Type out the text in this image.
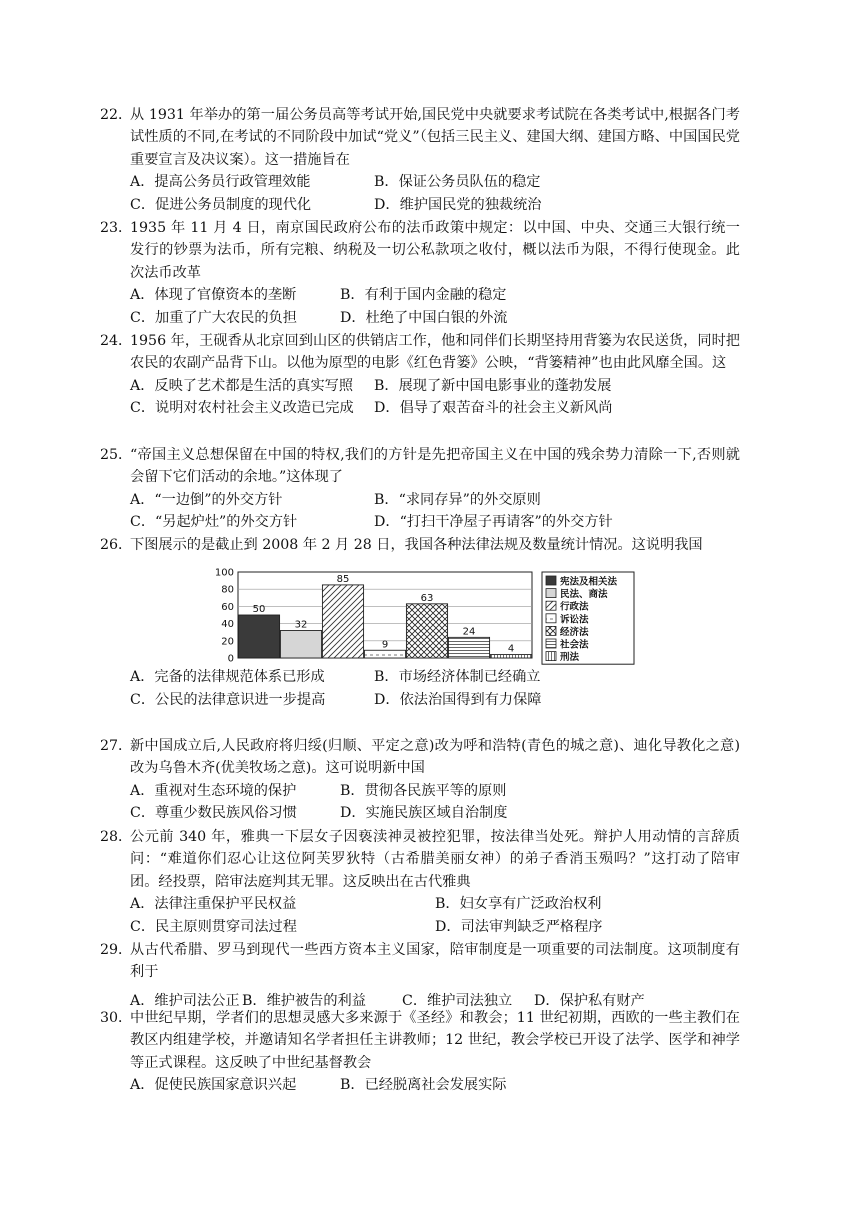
22．
从 1931 年举办的第一届公务员高等考试开始,国民党中央就要求考试院在各类考试中,根据各门考试性质的不同,在考试的不同阶段中加试“党义”（包括三民主义、建国大纲、建国方略、中国国民党重要宣言及决议案）。这一措施旨在
A．提高公务员行政管理效能	B．保证公务员队伍的稳定
C．促进公务员制度的现代化	D．维护国民党的独裁统治
23．
1935 年 11 月 4 日，南京国民政府公布的法币政策中规定：以中国、中央、交通三大银行统一发行的钞票为法币，所有完粮、纳税及一切公私款项之收付，概以法币为限，不得行使现金。此次法币改革
A．体现了官僚资本的垄断	B．有利于国内金融的稳定
C．加重了广大农民的负担	D．杜绝了中国白银的外流
24．
1956 年，王砚香从北京回到山区的供销店工作，他和同伴们长期坚持用背篓为农民送货，同时把农民的农副产品背下山。以他为原型的电影《红色背篓》公映，“背篓精神”也由此风靡全国。这
A．反映了艺术都是生活的真实写照 B．展现了新中国电影事业的蓬勃发展
C．说明对农村社会主义改造已完成 D．倡导了艰苦奋斗的社会主义新风尚
25．
“帝国主义总想保留在中国的特权,我们的方针是先把帝国主义在中国的残余势力清除一下,否则就会留下它们活动的余地。”这体现了
A．“一边倒”的外交方针	B．“求同存异”的外交原则
C．“另起炉灶”的外交方针	D．“打扫干净屋子再请客”的外交方针
26．
下图展示的是截止到 2008 年 2 月 28 日，我国各种法律法规及数量统计情况。这说明我国
0
20
40
60
80
100
50
32
85
9
63
24
4
宪法及相关法
民法、商法
行政法
诉讼法
经济法
社会法
刑法
A．完备的法律规范体系已形成	B．市场经济体制已经确立
C．公民的法律意识进一步提高	D．依法治国得到有力保障
27．
新中国成立后,人民政府将归绥(归顺、平定之意)改为呼和浩特(青色的城之意)、迪化导教化之意)改为乌鲁木齐(优美牧场之意)。这可说明新中国
A．重视对生态环境的保护	B．贯彻各民族平等的原则
C．尊重少数民族风俗习惯	D．实施民族区域自治制度
28．
公元前 340 年，雅典一下层女子因亵渎神灵被控犯罪，按法律当处死。辩护人用动情的言辞质问：“难道你们忍心让这位阿芙罗狄特（古希腊美丽女神）的弟子香消玉殒吗？”这打动了陪审团。经投票，陪审法庭判其无罪。这反映出在古代雅典
A．法律注重保护平民权益	B．妇女享有广泛政治权利
C．民主原则贯穿司法过程	D．司法审判缺乏严格程序
29．
从古代希腊、罗马到现代一些西方资本主义国家，陪审制度是一项重要的司法制度。这项制度有利于
A．维护司法公正 B．维护被告的利益	C．维护司法独立 D．保护私有财产
30．
中世纪早期，学者们的思想灵感大多来源于《圣经》和教会；11 世纪初期，西欧的一些主教们在教区内组建学校，并邀请知名学者担任主讲教师；12 世纪，教会学校已开设了法学、医学和神学等正式课程。这反映了中世纪基督教会
A．促使民族国家意识兴起	B．已经脱离社会发展实际
